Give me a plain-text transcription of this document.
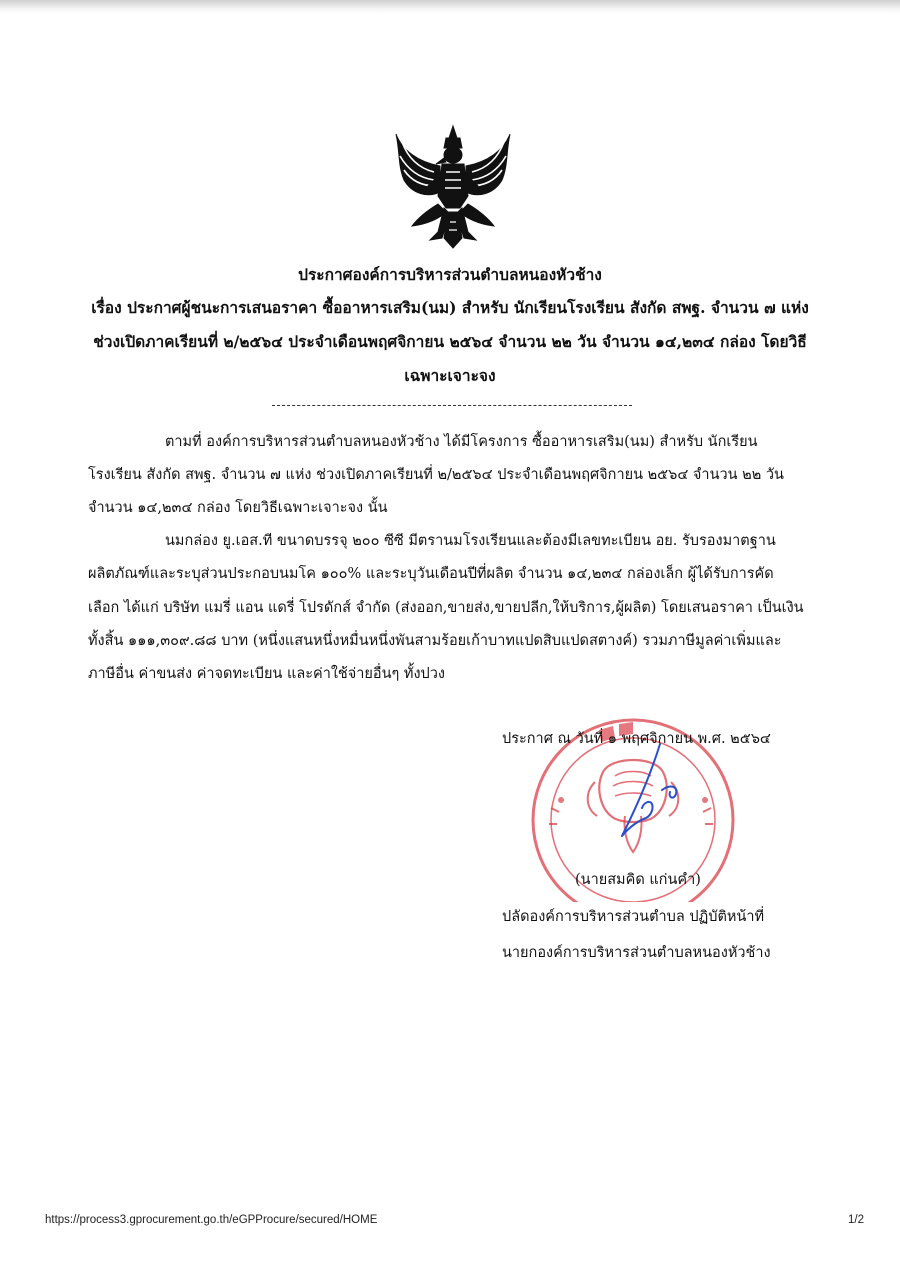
ประกาศองค์การบริหารส่วนตำบลหนองหัวช้าง
เรื่อง ประกาศผู้ชนะการเสนอราคา ซื้ออาหารเสริม(นม) สำหรับ นักเรียนโรงเรียน สังกัด สพฐ. จำนวน ๗ แห่ง
ช่วงเปิดภาคเรียนที่ ๒/๒๕๖๔ ประจำเดือนพฤศจิกายน ๒๕๖๔ จำนวน ๒๒ วัน จำนวน ๑๔,๒๓๔ กล่อง โดยวิธี
เฉพาะเจาะจง
ตามที่ องค์การบริหารส่วนตำบลหนองหัวช้าง ได้มีโครงการ ซื้ออาหารเสริม(นม) สำหรับ นักเรียน
โรงเรียน สังกัด สพฐ. จำนวน ๗ แห่ง ช่วงเปิดภาคเรียนที่ ๒/๒๕๖๔ ประจำเดือนพฤศจิกายน ๒๕๖๔ จำนวน ๒๒ วัน
จำนวน ๑๔,๒๓๔ กล่อง โดยวิธีเฉพาะเจาะจง นั้น
นมกล่อง ยู.เอส.ที ขนาดบรรจุ ๒๐๐ ซีซี มีตรานมโรงเรียนและต้องมีเลขทะเบียน อย. รับรองมาตฐาน
ผลิตภัณฑ์และระบุส่วนประกอบนมโค ๑๐๐% และระบุวันเดือนปีที่ผลิต จำนวน ๑๔,๒๓๔ กล่องเล็ก ผู้ได้รับการคัด
เลือก ได้แก่ บริษัท แมรี่ แอน แดรี่ โปรดักส์ จำกัด (ส่งออก,ขายส่ง,ขายปลีก,ให้บริการ,ผู้ผลิต) โดยเสนอราคา เป็นเงิน
ทั้งสิ้น ๑๑๑,๓๐๙.๘๘ บาท (หนึ่งแสนหนึ่งหมื่นหนึ่งพันสามร้อยเก้าบาทแปดสิบแปดสตางค์) รวมภาษีมูลค่าเพิ่มและ
ภาษีอื่น ค่าขนส่ง ค่าจดทะเบียน และค่าใช้จ่ายอื่นๆ ทั้งปวง
ประกาศ ณ วันที่ ๑ พฤศจิกายน พ.ศ. ๒๕๖๔
(นายสมคิด แก่นคำ)
ปลัดองค์การบริหารส่วนตำบล ปฏิบัติหน้าที่
นายกองค์การบริหารส่วนตำบลหนองหัวช้าง
https://process3.gprocurement.go.th/eGPProcure/secured/HOME	1/2
